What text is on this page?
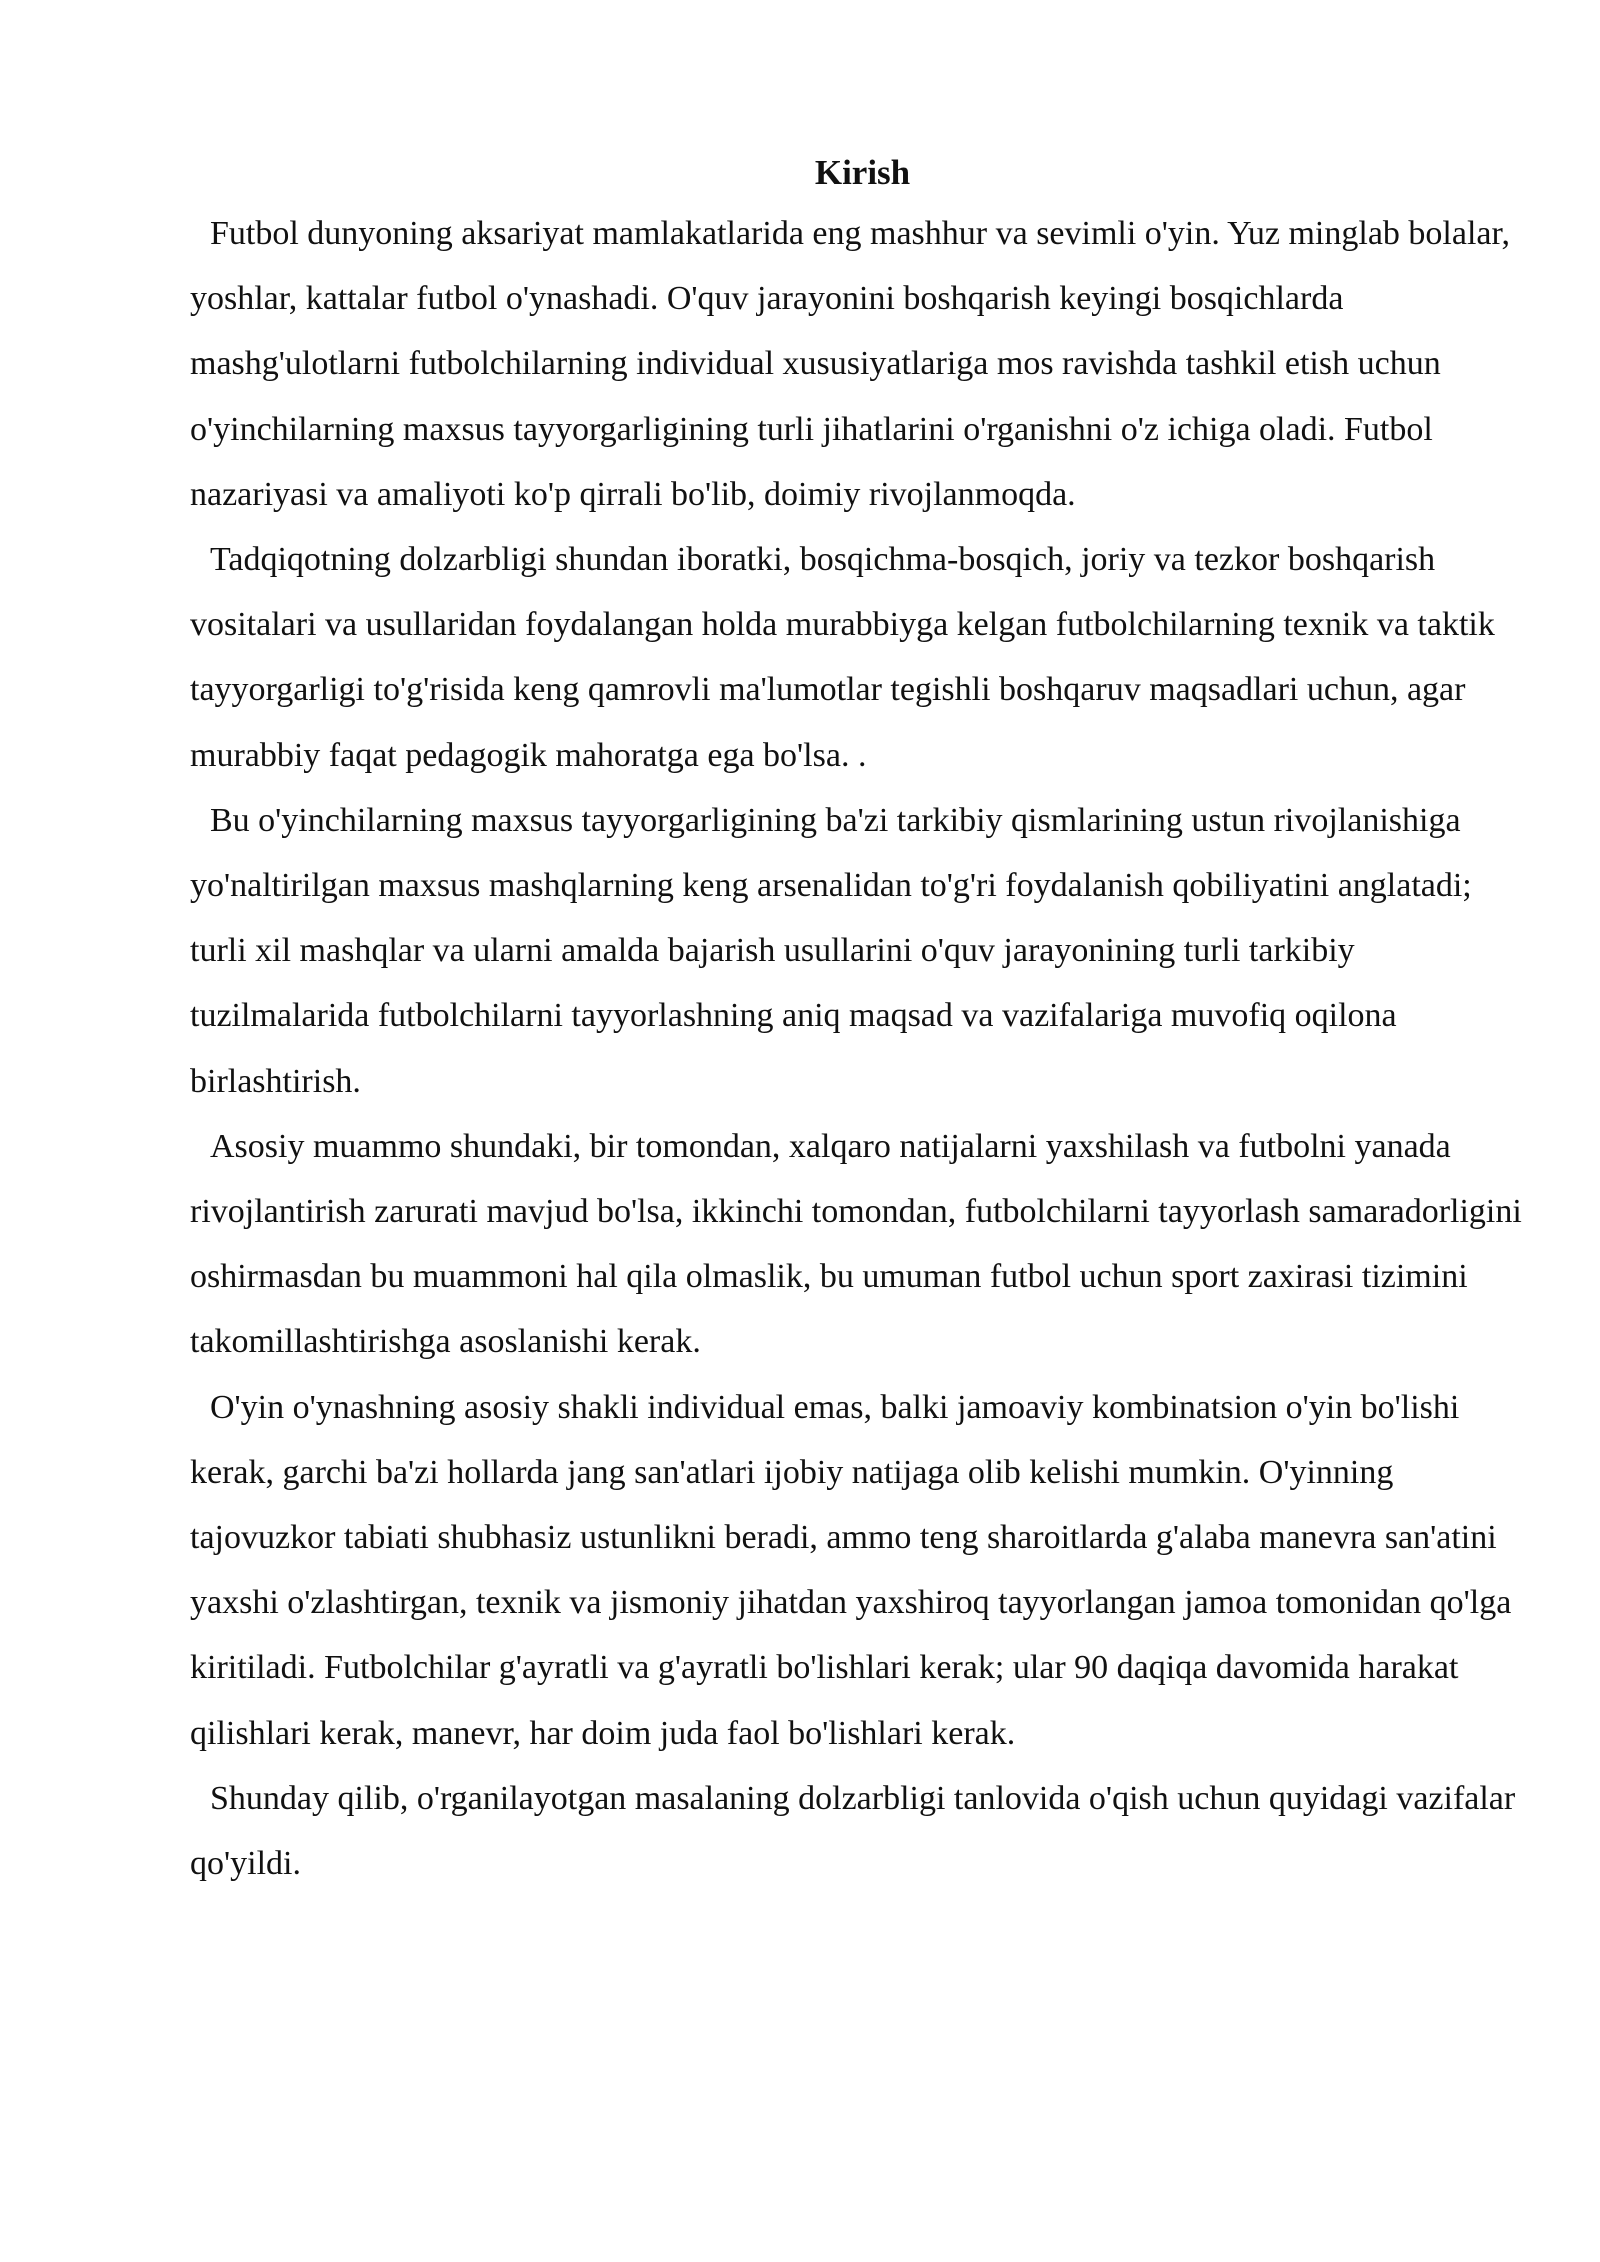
Kirish

Futbol dunyoning aksariyat mamlakatlarida eng mashhur va sevimli o'yin. Yuz minglab bolalar, yoshlar, kattalar futbol o'ynashadi. O'quv jarayonini boshqarish keyingi bosqichlarda mashg'ulotlarni futbolchilarning individual xususiyatlariga mos ravishda tashkil etish uchun o'yinchilarning maxsus tayyorgarligining turli jihatlarini o'rganishni o'z ichiga oladi. Futbol nazariyasi va amaliyoti ko'p qirrali bo'lib, doimiy rivojlanmoqda.

Tadqiqotning dolzarbligi shundan iboratki, bosqichma-bosqich, joriy va tezkor boshqarish vositalari va usullaridan foydalangan holda murabbiyga kelgan futbolchilarning texnik va taktik tayyorgarligi to'g'risida keng qamrovli ma'lumotlar tegishli boshqaruv maqsadlari uchun, agar murabbiy faqat pedagogik mahoratga ega bo'lsa. .

Bu o'yinchilarning maxsus tayyorgarligining ba'zi tarkibiy qismlarining ustun rivojlanishiga yo'naltirilgan maxsus mashqlarning keng arsenalidan to'g'ri foydalanish qobiliyatini anglatadi; turli xil mashqlar va ularni amalda bajarish usullarini o'quv jarayonining turli tarkibiy tuzilmalarida futbolchilarni tayyorlashning aniq maqsad va vazifalariga muvofiq oqilona birlashtirish.

Asosiy muammo shundaki, bir tomondan, xalqaro natijalarni yaxshilash va futbolni yanada rivojlantirish zarurati mavjud bo'lsa, ikkinchi tomondan, futbolchilarni tayyorlash samaradorligini oshirmasdan bu muammoni hal qila olmaslik, bu umuman futbol uchun sport zaxirasi tizimini takomillashtirishga asoslanishi kerak.

O'yin o'ynashning asosiy shakli individual emas, balki jamoaviy kombinatsion o'yin bo'lishi kerak, garchi ba'zi hollarda jang san'atlari ijobiy natijaga olib kelishi mumkin. O'yinning tajovuzkor tabiati shubhasiz ustunlikni beradi, ammo teng sharoitlarda g'alaba manevra san'atini yaxshi o'zlashtirgan, texnik va jismoniy jihatdan yaxshiroq tayyorlangan jamoa tomonidan qo'lga kiritiladi. Futbolchilar g'ayratli va g'ayratli bo'lishlari kerak; ular 90 daqiqa davomida harakat qilishlari kerak, manevr, har doim juda faol bo'lishlari kerak.

Shunday qilib, o'rganilayotgan masalaning dolzarbligi tanlovida o'qish uchun quyidagi vazifalar qo'yildi.
